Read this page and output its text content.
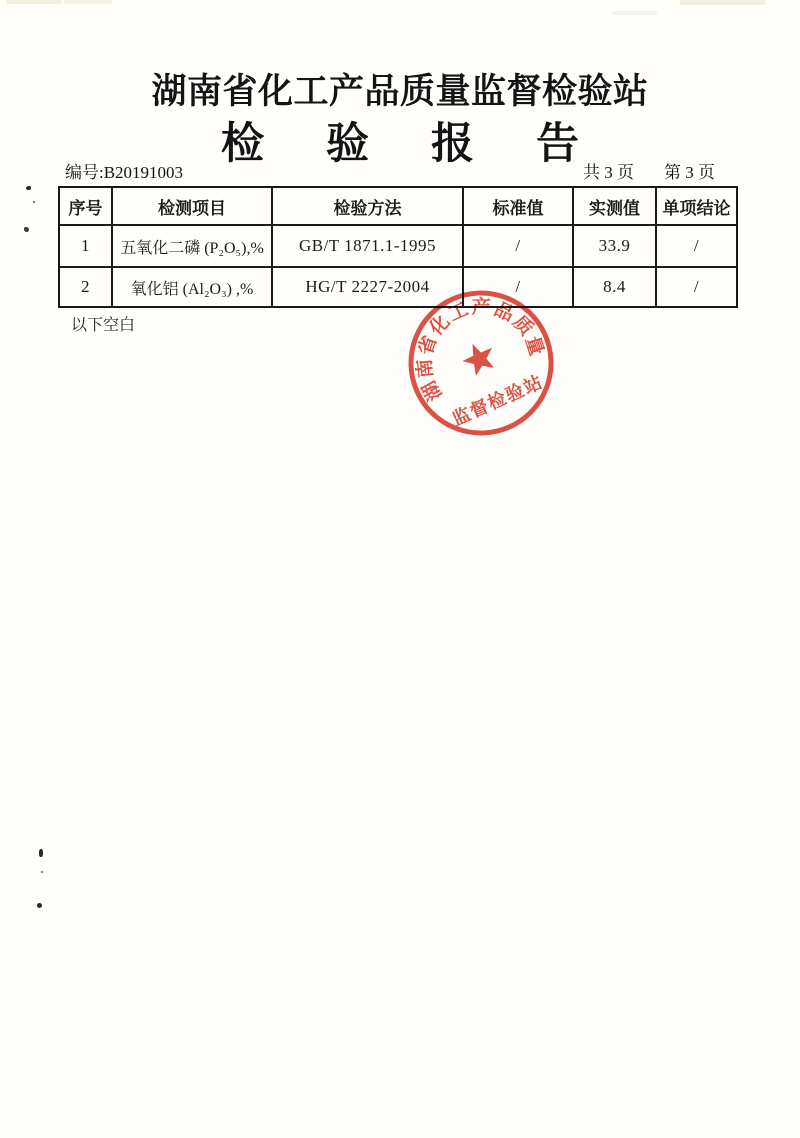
湖南省化工产品质量监督检验站
检验报告
编号:B20191003	共 3 页 第 3 页
序号	检测项目	检验方法	标准值	实测值	单项结论
1	五氧化二磷 (P₂O₅),%	GB/T 1871.1-1995	/	33.9	/
2	氧化铝 (Al₂O₃) ,%	HG/T 2227-2004	/	8.4	/
以下空白
湖南省化工产品质量
监督检验站
